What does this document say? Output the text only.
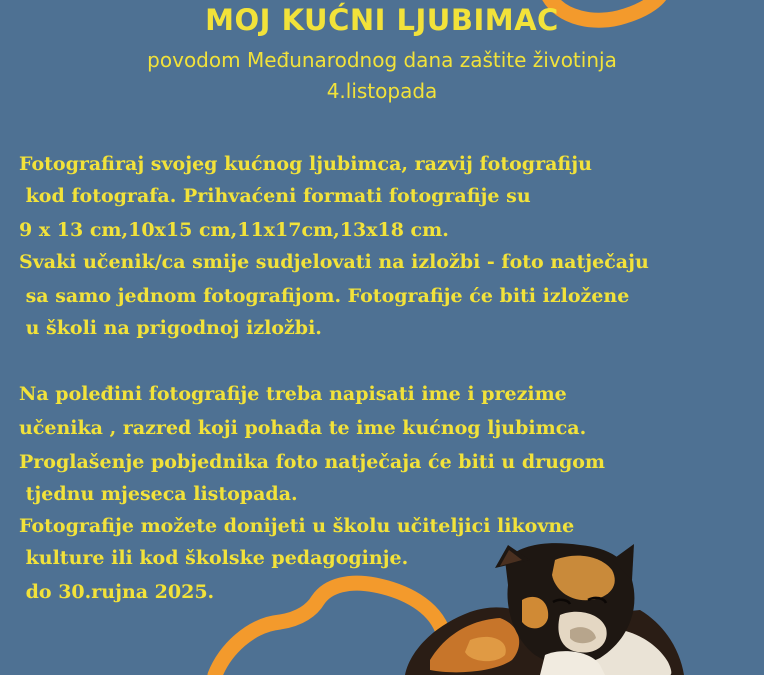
MOJ KUĆNI LJUBIMAC
povodom Međunarodnog dana zaštite životinja
4.listopada
Fotografiraj svojeg kućnog ljubimca, razvij fotografiju
kod fotografa. Prihvaćeni formati fotografije su
9 x 13 cm,10x15 cm,11x17cm,13x18 cm.
Svaki učenik/ca smije sudjelovati na izložbi - foto natječaju
sa samo jednom fotografijom. Fotografije će biti izložene
u školi na prigodnoj izložbi.
Na poleđini fotografije treba napisati ime i prezime
učenika , razred koji pohađa te ime kućnog ljubimca.
Proglašenje pobjednika foto natječaja će biti u drugom
tjednu mjeseca listopada.
Fotografije možete donijeti u školu učiteljici likovne
kulture ili kod školske pedagoginje.
do 30.rujna 2025.
